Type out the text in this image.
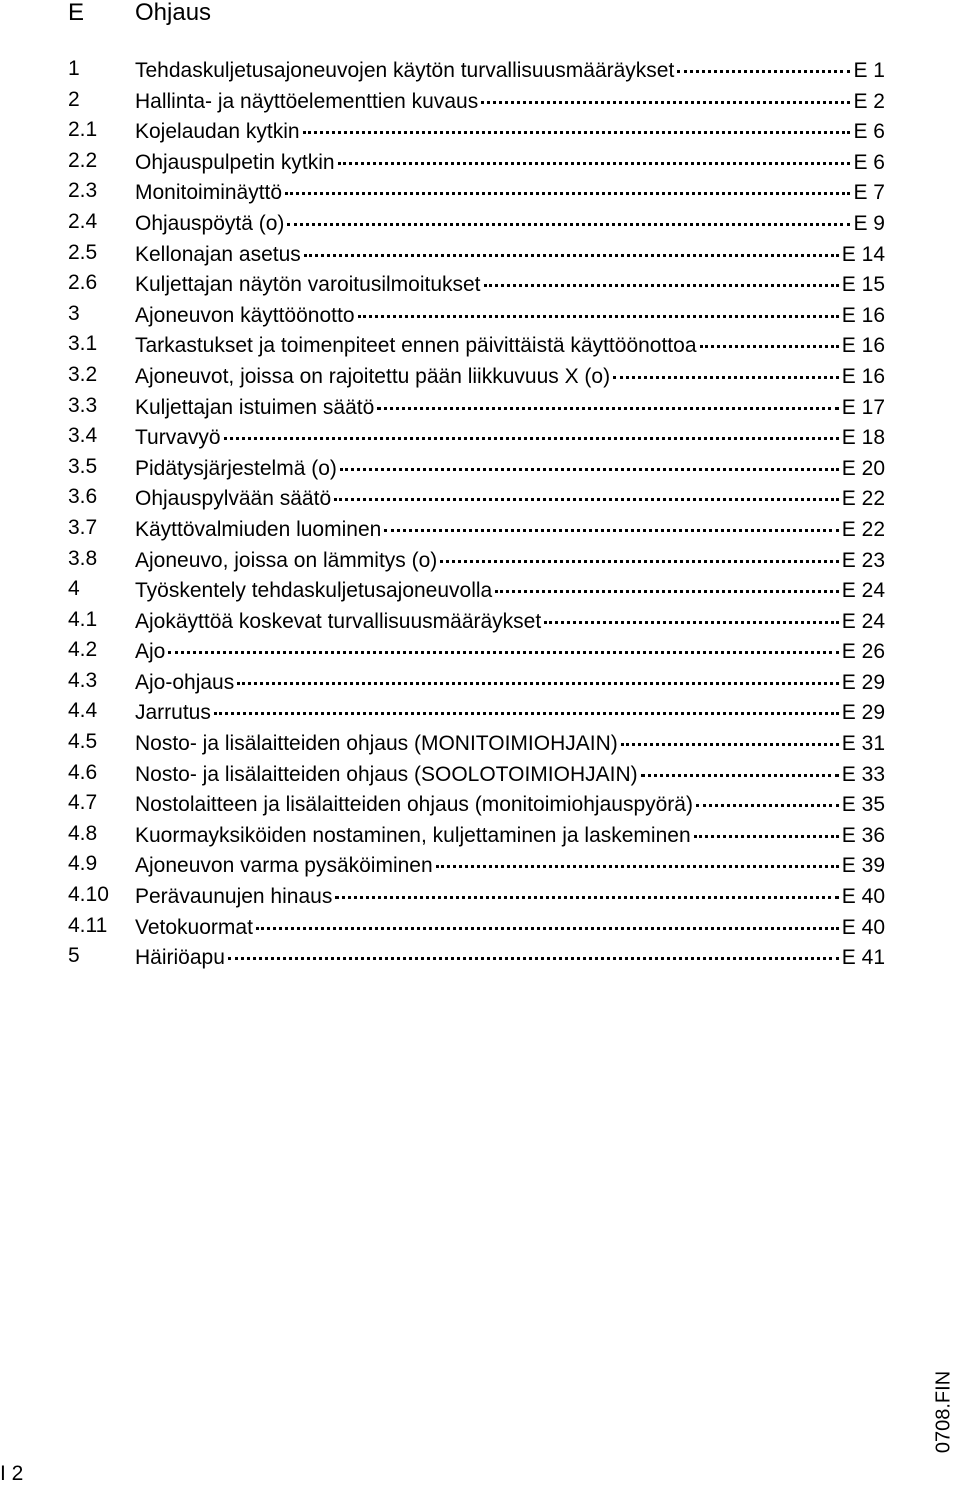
E Ohjaus
1	Tehdaskuljetusajoneuvojen käytön turvallisuusmääräykset	E 1
2	Hallinta- ja näyttöelementtien kuvaus	E 2
2.1 Kojelaudan kytkin	E 6
2.2 Ohjauspulpetin kytkin	E 6
2.3 Monitoiminäyttö	E 7
2.4 Ohjauspöytä (o)	E 9
2.5 Kellonajan asetus	E 14
2.6 Kuljettajan näytön varoitusilmoitukset	E 15
3	Ajoneuvon käyttöönotto	E 16
3.1 Tarkastukset ja toimenpiteet ennen päivittäistä käyttöönottoa	E 16
3.2 Ajoneuvot, joissa on rajoitettu pään liikkuvuus X (o)	E 16
3.3 Kuljettajan istuimen säätö	E 17
3.4 Turvavyö	E 18
3.5 Pidätysjärjestelmä (o)	E 20
3.6 Ohjauspylvään säätö	E 22
3.7 Käyttövalmiuden luominen	E 22
3.8 Ajoneuvo, joissa on lämmitys (o)	E 23
4	Työskentely tehdaskuljetusajoneuvolla	E 24
4.1 Ajokäyttöä koskevat turvallisuusmääräykset	E 24
4.2 Ajo	E 26
4.3 Ajo-ohjaus	E 29
4.4 Jarrutus	E 29
4.5 Nosto- ja lisälaitteiden ohjaus (MONITOIMIOHJAIN)	E 31
4.6 Nosto- ja lisälaitteiden ohjaus (SOOLOTOIMIOHJAIN)	E 33
4.7 Nostolaitteen ja lisälaitteiden ohjaus (monitoimiohjauspyörä)	E 35
4.8 Kuormayksiköiden nostaminen, kuljettaminen ja laskeminen	E 36
4.9 Ajoneuvon varma pysäköiminen	E 39
4.10 Perävaunujen hinaus	E 40
4.11 Vetokuormat	E 40
5	Häiriöapu	E 41
0708.FIN
I 2
